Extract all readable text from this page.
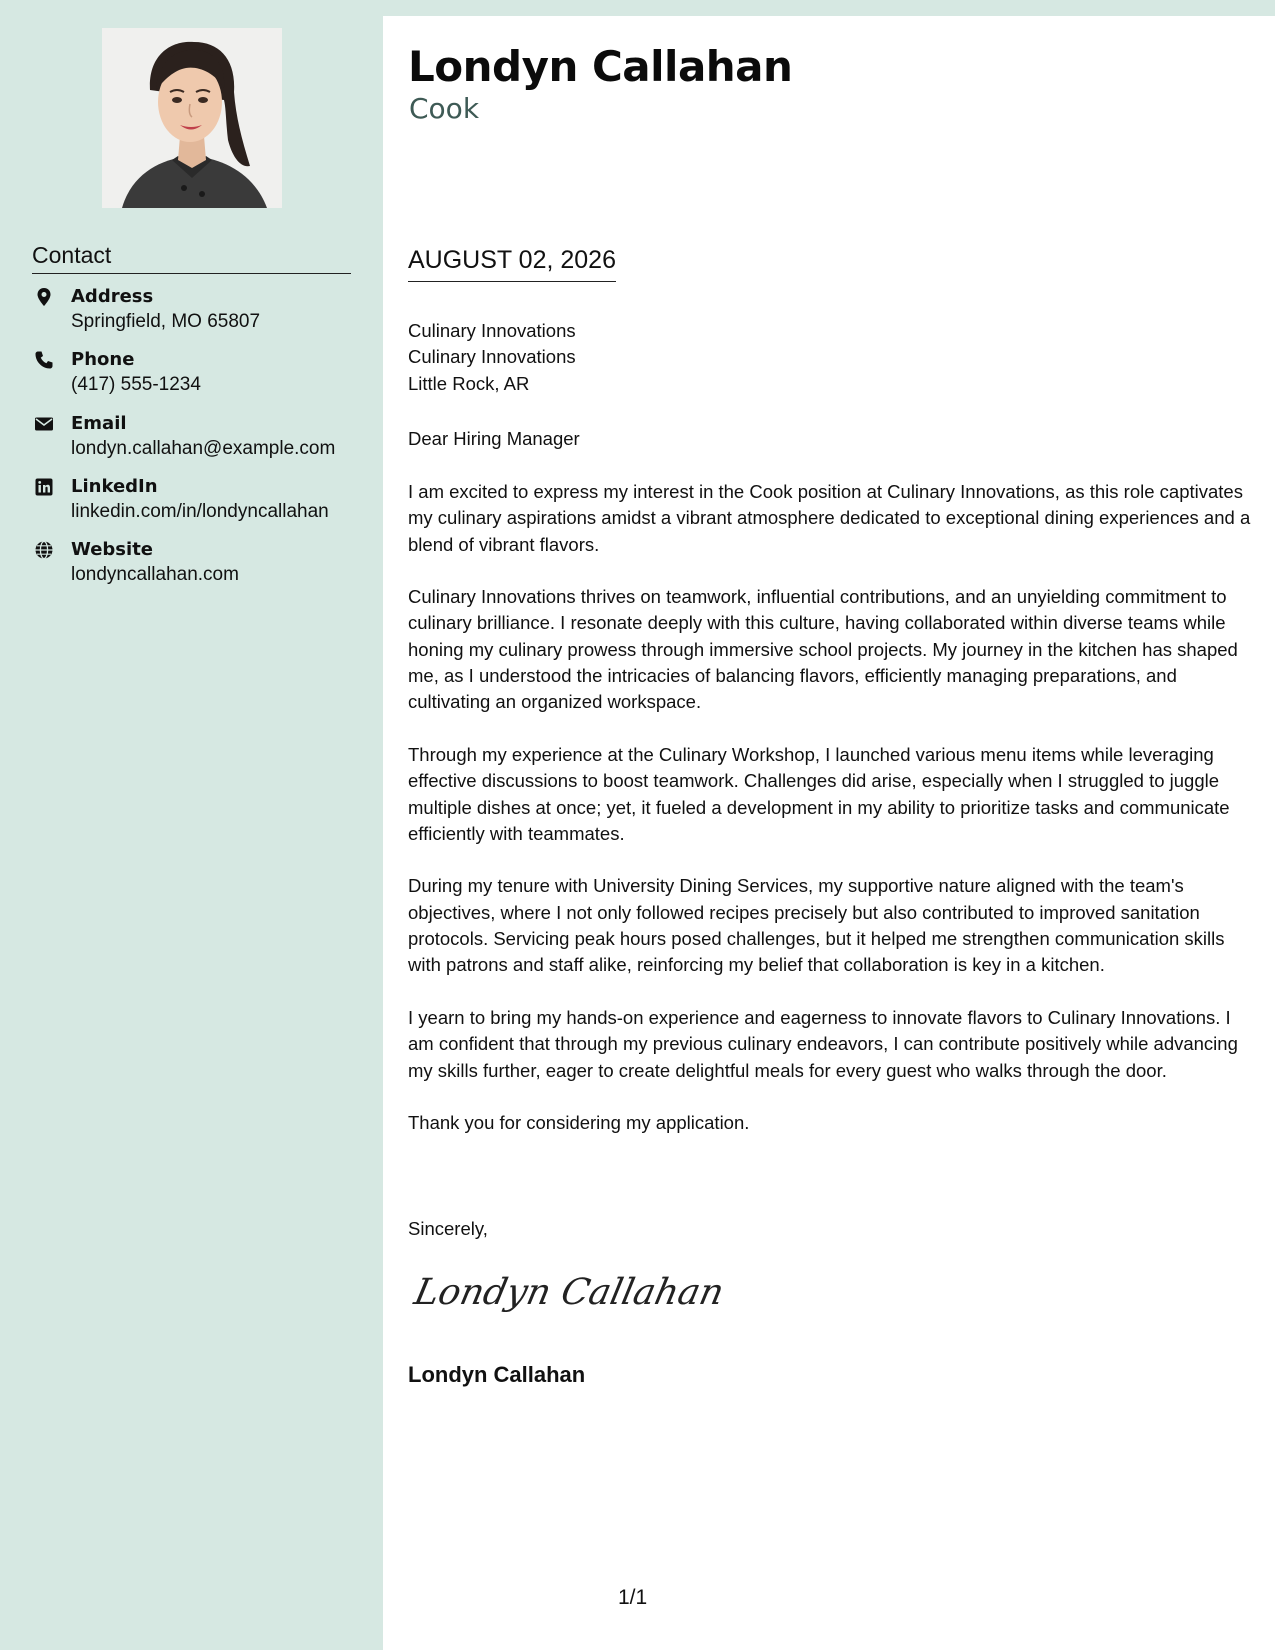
Contact
Address
Springfield, MO 65807
Phone
(417) 555-1234
Email
londyn.callahan@example.com
LinkedIn
linkedin.com/in/londyncallahan
Website
londyncallahan.com
Londyn Callahan
Cook
AUGUST 02, 2026
Culinary Innovations
Culinary Innovations
Little Rock, AR
Dear Hiring Manager

I am excited to express my interest in the Cook position at Culinary Innovations, as this role captivates my culinary aspirations amidst a vibrant atmosphere dedicated to exceptional dining experiences and a blend of vibrant flavors.

Culinary Innovations thrives on teamwork, influential contributions, and an unyielding commitment to culinary brilliance. I resonate deeply with this culture, having collaborated within diverse teams while honing my culinary prowess through immersive school projects. My journey in the kitchen has shaped me, as I understood the intricacies of balancing flavors, efficiently managing preparations, and cultivating an organized workspace.

Through my experience at the Culinary Workshop, I launched various menu items while leveraging effective discussions to boost teamwork. Challenges did arise, especially when I struggled to juggle multiple dishes at once; yet, it fueled a development in my ability to prioritize tasks and communicate efficiently with teammates.

During my tenure with University Dining Services, my supportive nature aligned with the team's objectives, where I not only followed recipes precisely but also contributed to improved sanitation protocols. Servicing peak hours posed challenges, but it helped me strengthen communication skills with patrons and staff alike, reinforcing my belief that collaboration is key in a kitchen.

I yearn to bring my hands-on experience and eagerness to innovate flavors to Culinary Innovations. I am confident that through my previous culinary endeavors, I can contribute positively while advancing my skills further, eager to create delightful meals for every guest who walks through the door.

Thank you for considering my application.

Sincerely,
Londyn Callahan
Londyn Callahan
1/1
